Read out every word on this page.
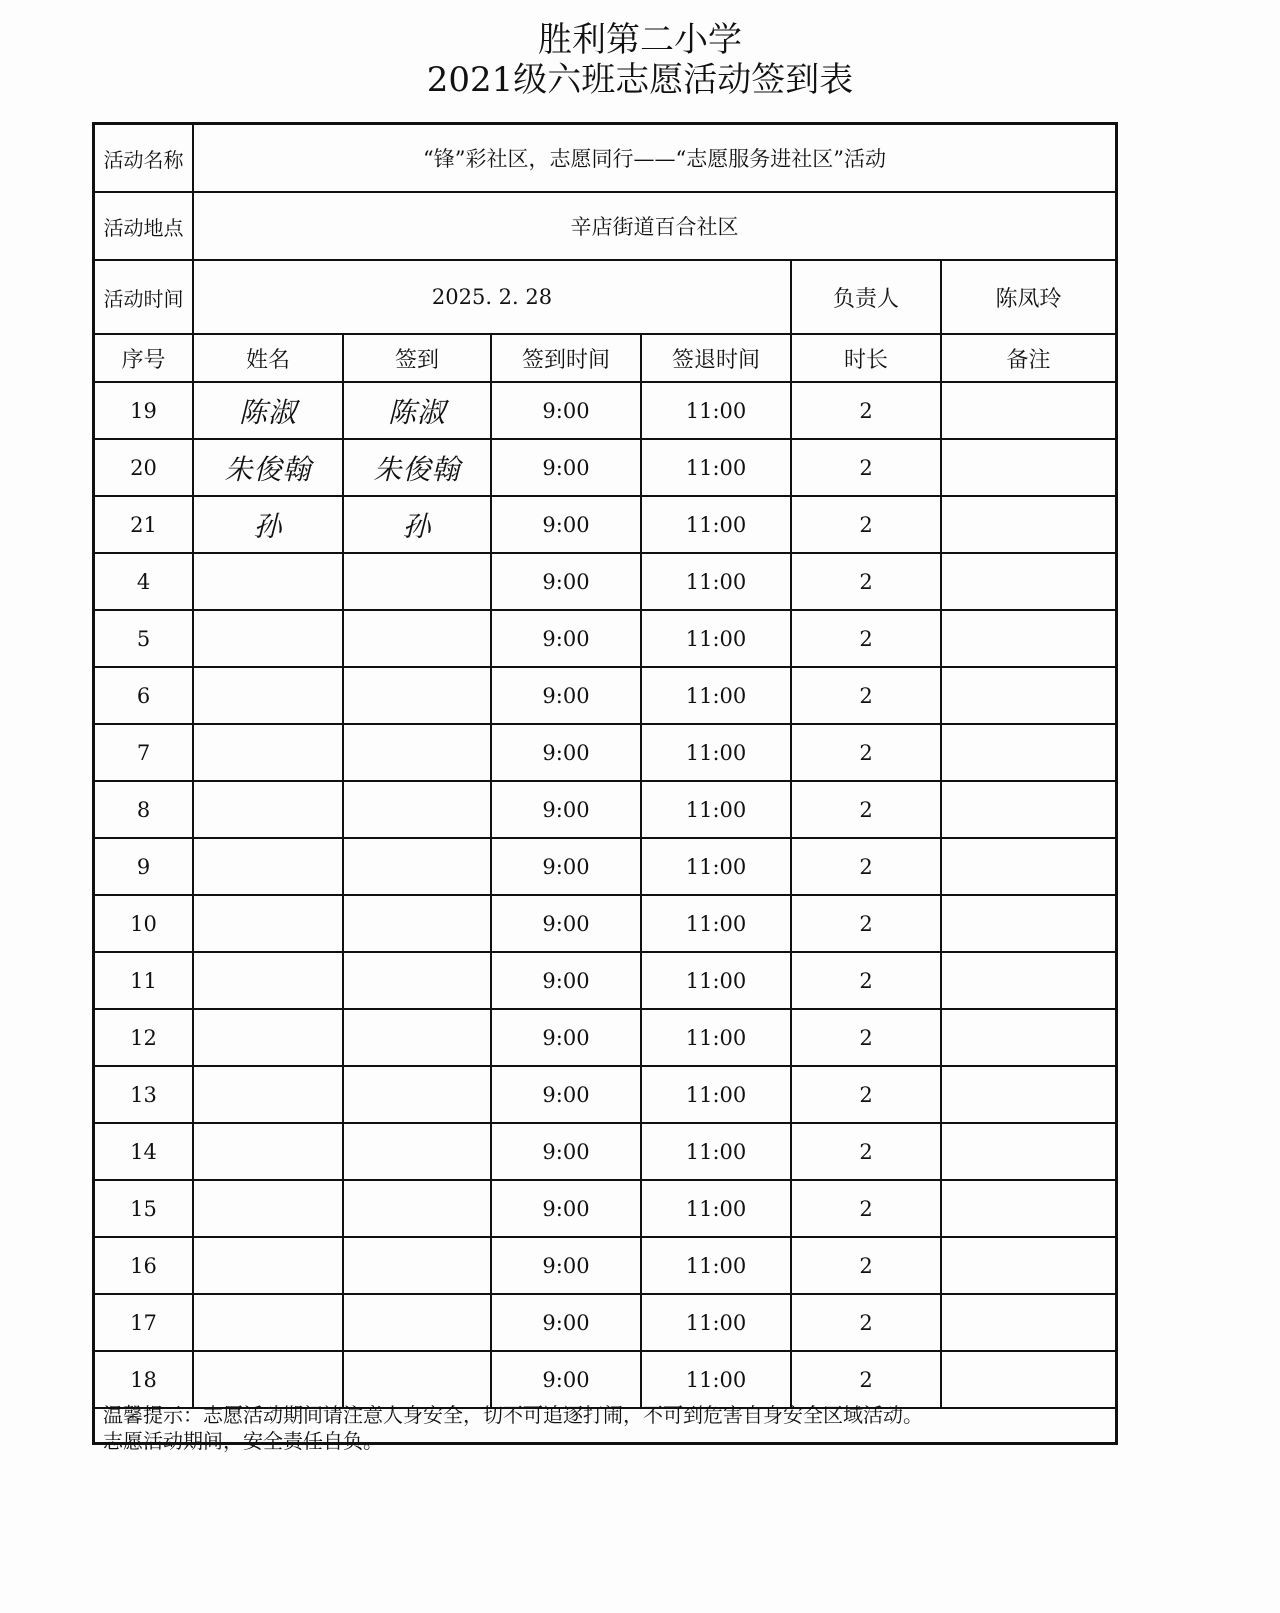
胜利第二小学
2021级六班志愿活动签到表
活动名称	“锋”彩社区，志愿同行——“志愿服务进社区”活动					
活动地点	辛店街道百合社区					
活动时间	2025. 2. 28				负责人	陈凤玲
序号	姓名	签到	签到时间	签退时间	时长	备注
19	陈淑	陈淑	9:00	11:00	2	
20	朱俊翰	朱俊翰	9:00	11:00	2	
21	孙	孙	9:00	11:00	2	
4			9:00	11:00	2	
5			9:00	11:00	2	
6			9:00	11:00	2	
7			9:00	11:00	2	
8			9:00	11:00	2	
9			9:00	11:00	2	
10			9:00	11:00	2	
11			9:00	11:00	2	
12			9:00	11:00	2	
13			9:00	11:00	2	
14			9:00	11:00	2	
15			9:00	11:00	2	
16			9:00	11:00	2	
17			9:00	11:00	2	
18			9:00	11:00	2	
温馨提示：志愿活动期间请注意人身安全，切不可追逐打闹，不可到危害自身安全区域活动。
志愿活动期间，安全责任自负。
